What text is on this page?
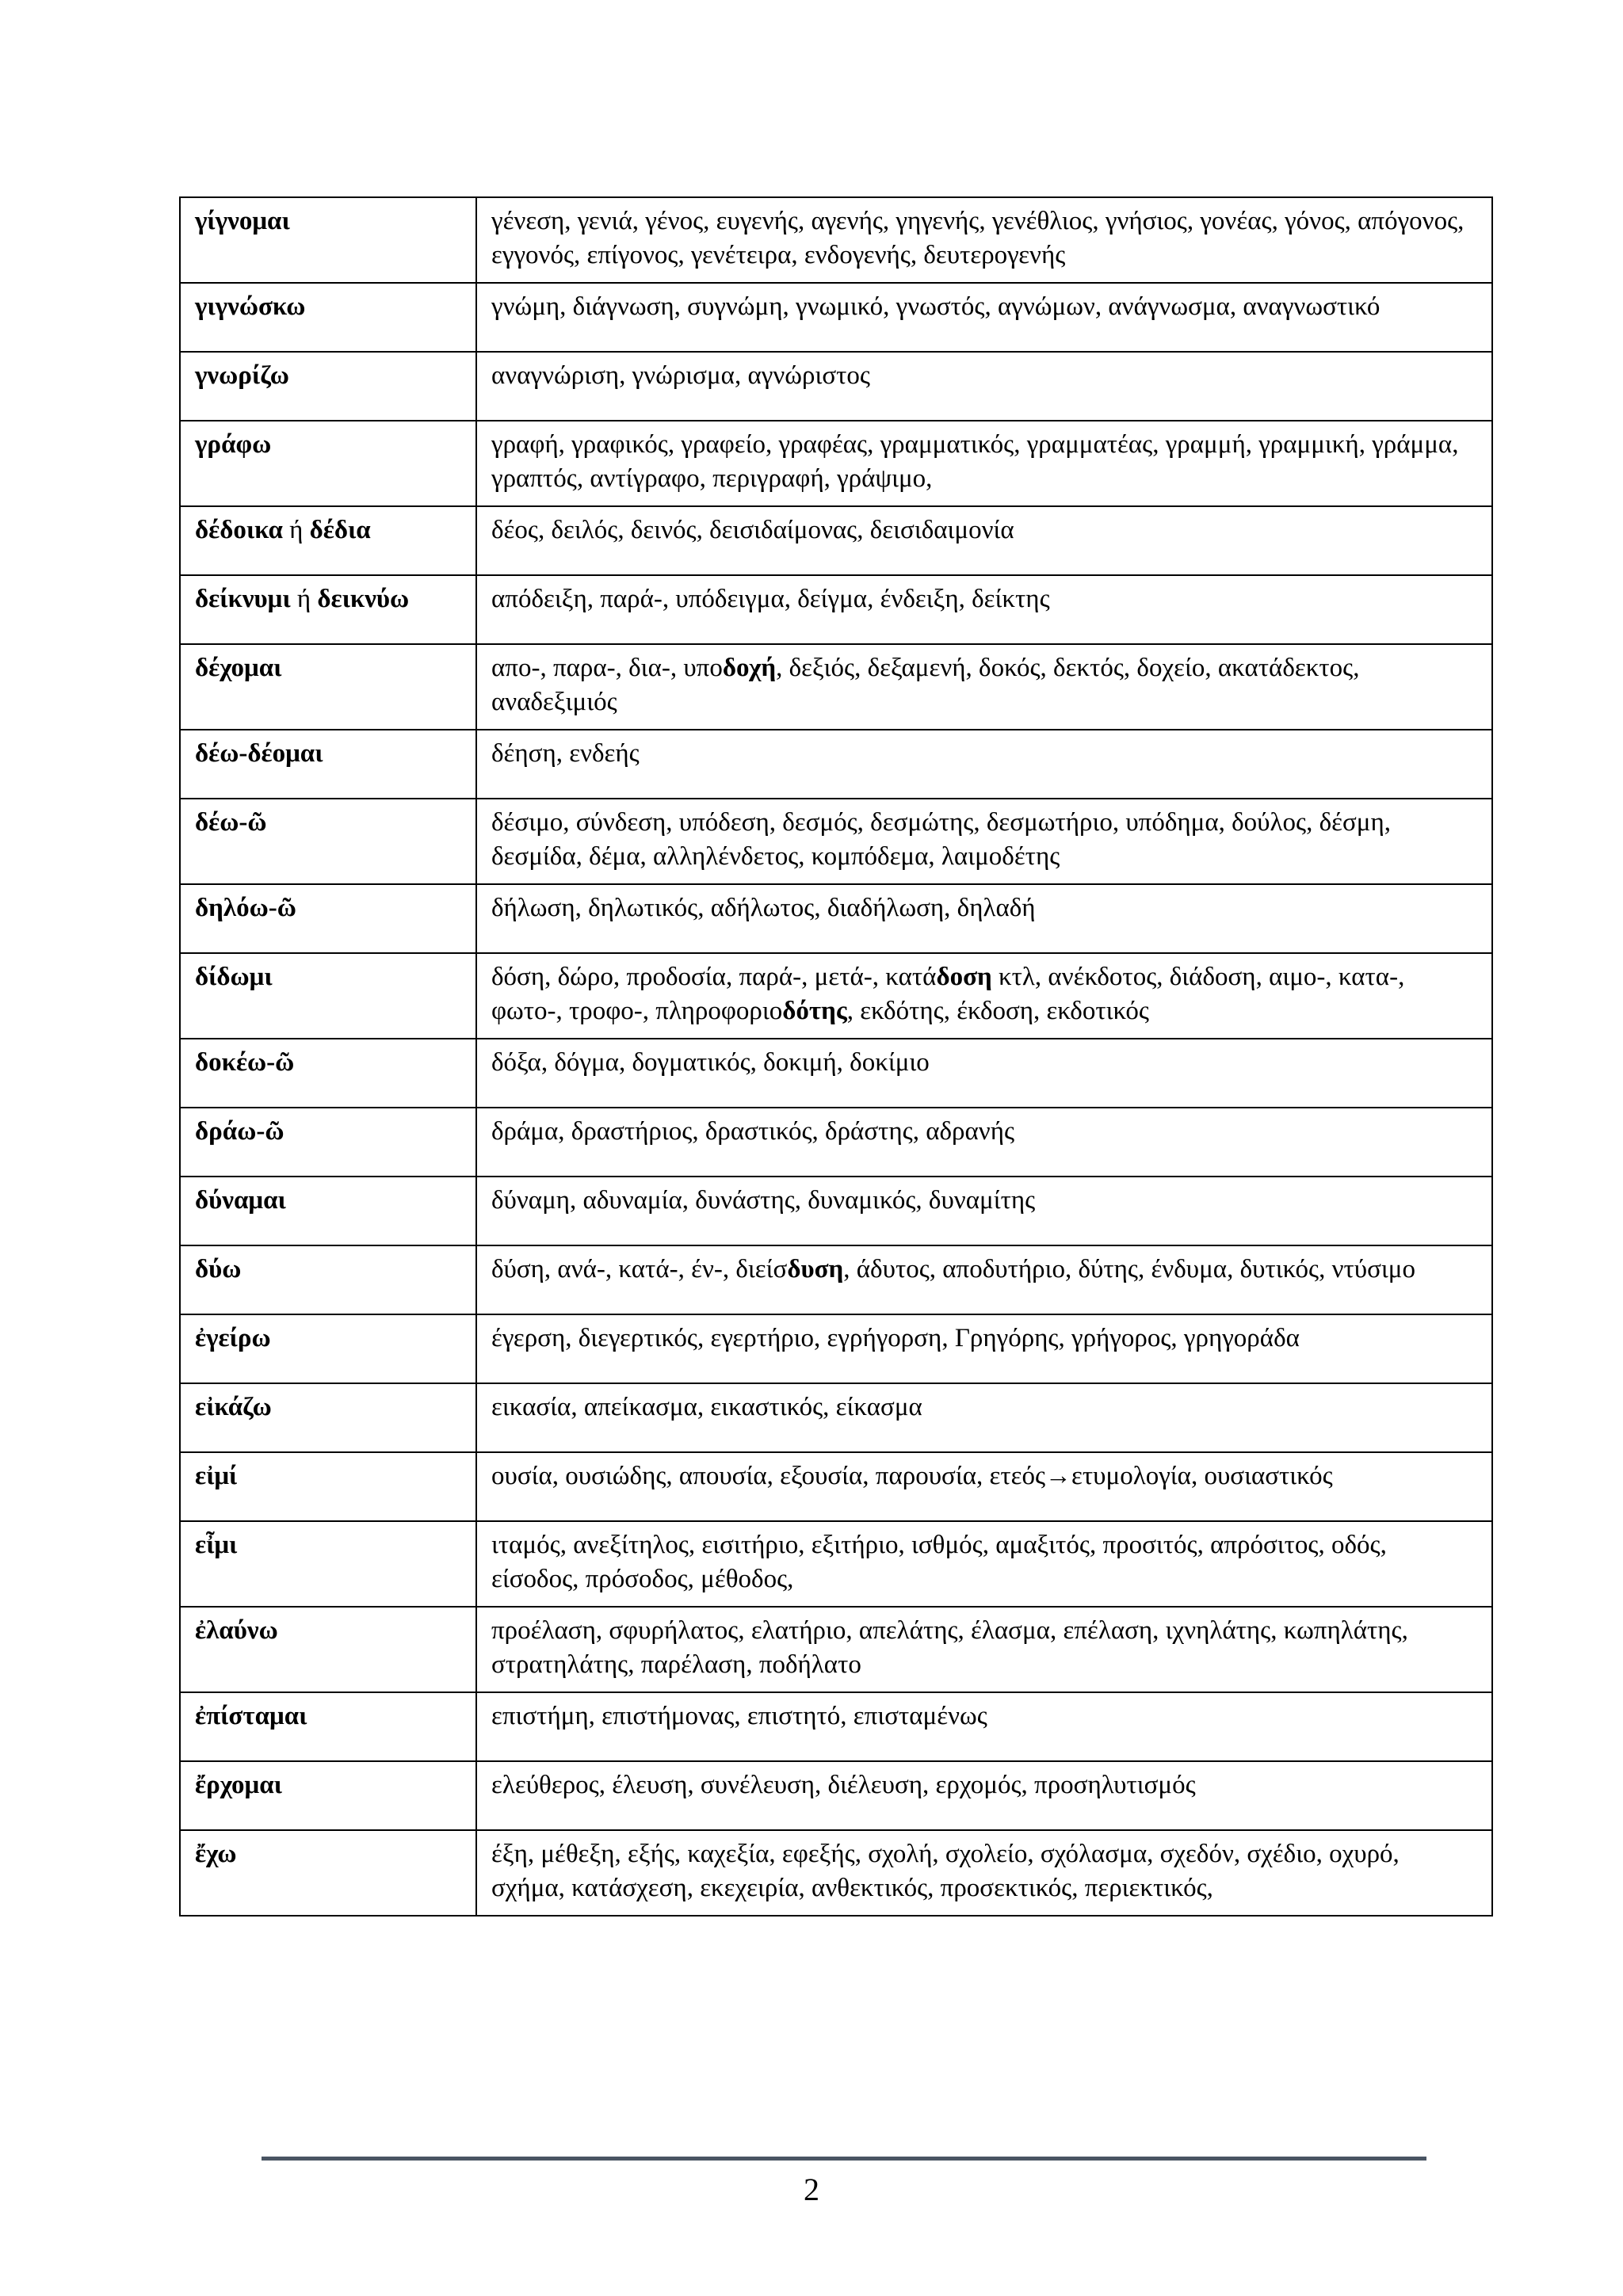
γίγνομαι	γένεση, γενιά, γένος, ευγενής, αγενής, γηγενής, γενέθλιος, γνήσιος, γονέας, γόνος, απόγονος, εγγονός, επίγονος, γενέτειρα, ενδογενής, δευτερογενής
γιγνώσκω	γνώμη, διάγνωση, συγνώμη, γνωμικό, γνωστός, αγνώμων, ανάγνωσμα, αναγνωστικό
γνωρίζω	αναγνώριση, γνώρισμα, αγνώριστος
γράφω	γραφή, γραφικός, γραφείο, γραφέας, γραμματικός, γραμματέας, γραμμή, γραμμική, γράμμα, γραπτός, αντίγραφο, περιγραφή, γράψιμο,
δέδοικα ή δέδια	δέος, δειλός, δεινός, δεισιδαίμονας, δεισιδαιμονία
δείκνυμι ή δεικνύω	απόδειξη, παρά-, υπόδειγμα, δείγμα, ένδειξη, δείκτης
δέχομαι	απο-, παρα-, δια-, υποδοχή, δεξιός, δεξαμενή, δοκός, δεκτός, δοχείο, ακατάδεκτος, αναδεξιμιός
δέω-δέομαι	δέηση, ενδεής
δέω-ῶ	δέσιμο, σύνδεση, υπόδεση, δεσμός, δεσμώτης, δεσμωτήριο, υπόδημα, δούλος, δέσμη, δεσμίδα, δέμα, αλληλένδετος, κομπόδεμα, λαιμοδέτης
δηλόω-ῶ	δήλωση, δηλωτικός, αδήλωτος, διαδήλωση, δηλαδή
δίδωμι	δόση, δώρο, προδοσία, παρά-, μετά-, κατάδοση κτλ, ανέκδοτος, διάδοση, αιμο-, κατα-, φωτο-, τροφο-, πληροφοριοδότης, εκδότης, έκδοση, εκδοτικός
δοκέω-ῶ	δόξα, δόγμα, δογματικός, δοκιμή, δοκίμιο
δράω-ῶ	δράμα, δραστήριος, δραστικός, δράστης, αδρανής
δύναμαι	δύναμη, αδυναμία, δυνάστης, δυναμικός, δυναμίτης
δύω	δύση, ανά-, κατά-, έν-, διείσδυση, άδυτος, αποδυτήριο, δύτης, ένδυμα, δυτικός, ντύσιμο
ἐγείρω	έγερση, διεγερτικός, εγερτήριο, εγρήγορση, Γρηγόρης, γρήγορος, γρηγοράδα
εἰκάζω	εικασία, απείκασμα, εικαστικός, είκασμα
εἰμί	ουσία, ουσιώδης, απουσία, εξουσία, παρουσία, ετεός→ετυμολογία, ουσιαστικός
εἶμι	ιταμός, ανεξίτηλος, εισιτήριο, εξιτήριο, ισθμός, αμαξιτός, προσιτός, απρόσιτος, οδός, είσοδος, πρόσοδος, μέθοδος,
ἐλαύνω	προέλαση, σφυρήλατος, ελατήριο, απελάτης, έλασμα, επέλαση, ιχνηλάτης, κωπηλάτης, στρατηλάτης, παρέλαση, ποδήλατο
ἐπίσταμαι	επιστήμη, επιστήμονας, επιστητό, επισταμένως
ἔρχομαι	ελεύθερος, έλευση, συνέλευση, διέλευση, ερχομός, προσηλυτισμός
ἔχω	έξη, μέθεξη, εξής, καχεξία, εφεξής, σχολή, σχολείο, σχόλασμα, σχεδόν, σχέδιο, οχυρό, σχήμα, κατάσχεση, εκεχειρία, ανθεκτικός, προσεκτικός, περιεκτικός,
2
